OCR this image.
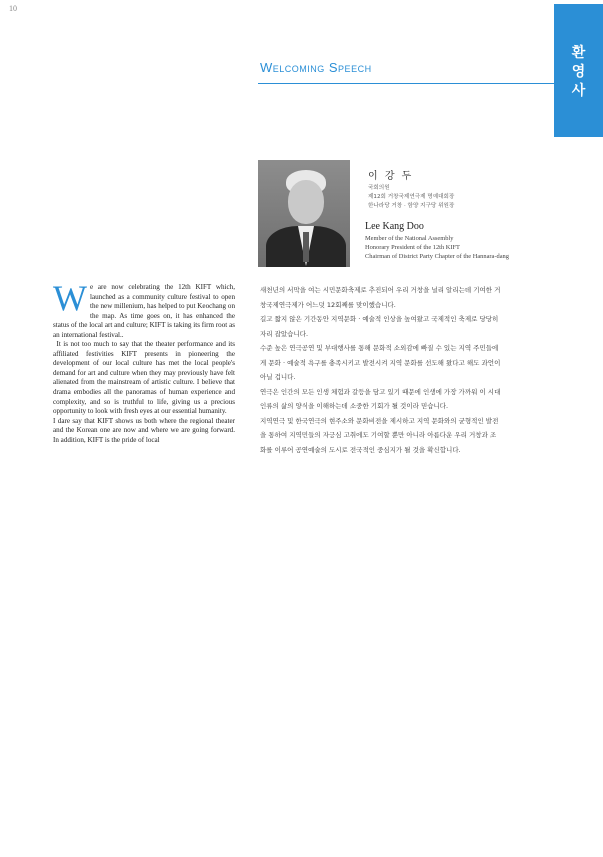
10
환
영
사
Welcoming Speech
이 강 두
국회의원
제12회 거창국제연극제 명예대회장
한나라당 거창 · 함양 지구당 위원장
Lee Kang Doo
Member of the National Assembly
Honorary President of the 12th KIFT
Chairman of District Party Chapter of the Hannara-dang
W e are now celebrating the 12th KIFT which, launched as a community culture festival to open the new millenium, has helped to put Keochang on the map. As time goes on, it has enhanced the status of the local art and culture; KIFT is taking its firm root as an international festival..

 It is not too much to say that the theater performance and its affiliated festivities KIFT presents in pioneering the development of our local culture has met the local people's demand for art and culture when they may previously have felt alienated from the mainstream of artistic culture. I believe that drama embodies all the panoramas of human experience and complexity, and so is truthful to life, giving us a precious opportunity to look with fresh eyes at our essential humanity.

I dare say that KIFT shows us both where the regional theater and the Korean one are now and where we are going forward. In addition, KIFT is the pride of local

새천년의 서막을 여는 시민문화축제로 추진되어 우리 거창을 널리 알리는데 기여한 거창국제연극제가 어느덧 12회째를 맞이했습니다.

길고 짧지 않은 기간동안 지역문화 · 예술적 인상을 높여왔고 국제적인 축제로 당당히 자리 잡았습니다.

수준 높은 연극공연 및 부대행사를 통해 문화적 소외감에 빠질 수 있는 지역 주민들에게 문화 · 예술적 욕구를 충족시키고 발전시켜 지역 문화를 선도해 왔다고 해도 과언이 아닐 겁니다.

연극은 인간의 모든 인생 체험과 갈등을 담고 있기 때문에 인생에 가장 가까워 이 시대 인류의 삶의 양식을 이해하는데 소중한 기회가 될 것이라 믿습니다.

지역연극 및 한국연극의 현주소와 문화비전을 제시하고 지역 문화와의 균형적인 발전을 통하여 지역민들의 자긍심 고취에도 기여할 뿐만 아니라 아름다운 우리 거창과 조화를 이루어 공연예술의 도시로 전국적인 중심지가 될 것을 확신합니다.
